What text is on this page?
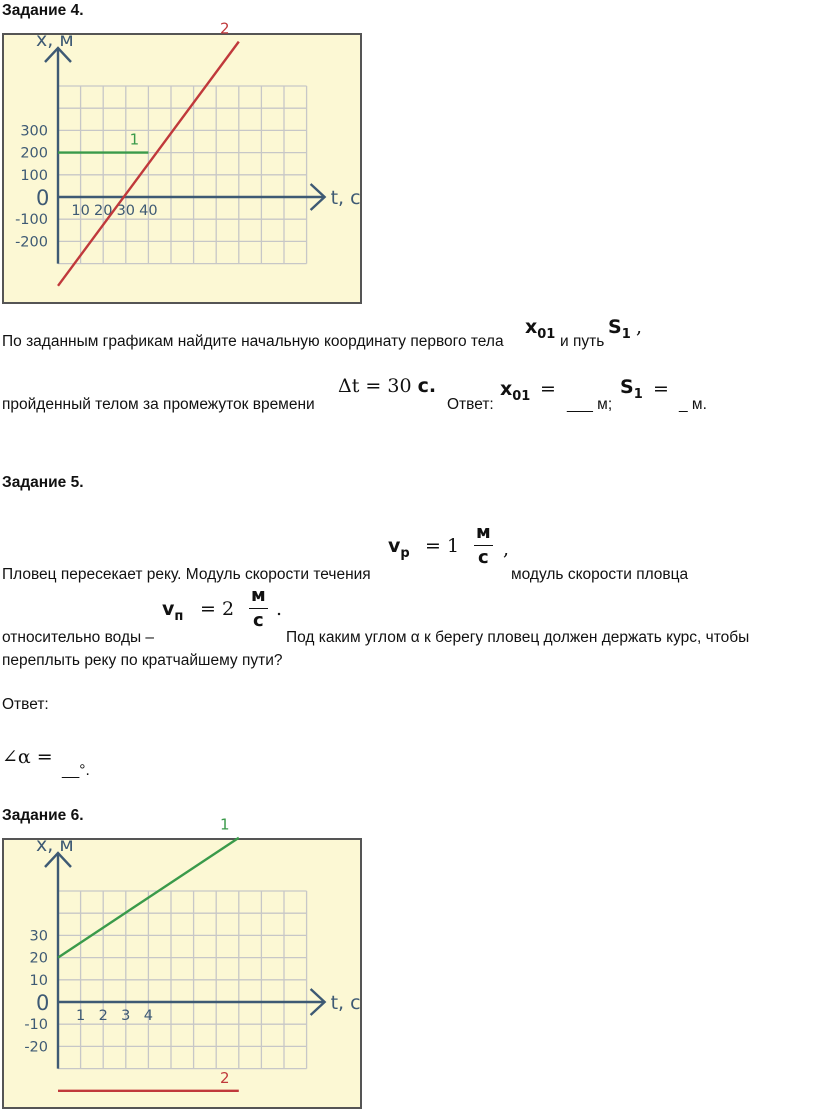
Задание 4.
x, м
t, с
300
200
100
0
-100
-200
10 20 30 40
1
2
По заданным графикам найдите начальную координату первого тела
$x_{01}$ и путь
$S_1$ ,
пройденный телом за промежуток времени
Δt = 30 с.
Ответ:
$x_{01}$ =
___ м;
$S_1$ =
_ м.
Задание 5.
Пловец пересекает реку. Модуль скорости течения
$v_р = 1 \frac{м}{с}$ ,
модуль скорости пловца
относительно воды –
$v_п = 2 \frac{м}{с}$ .
Под каким углом α к берегу пловец должен держать курс, чтобы
переплыть реку по кратчайшему пути?
Ответ:
∠α =
__°.
Задание 6.
x, м
t, с
30
20
10
0
-10
-20
1 2 3 4
1
2
